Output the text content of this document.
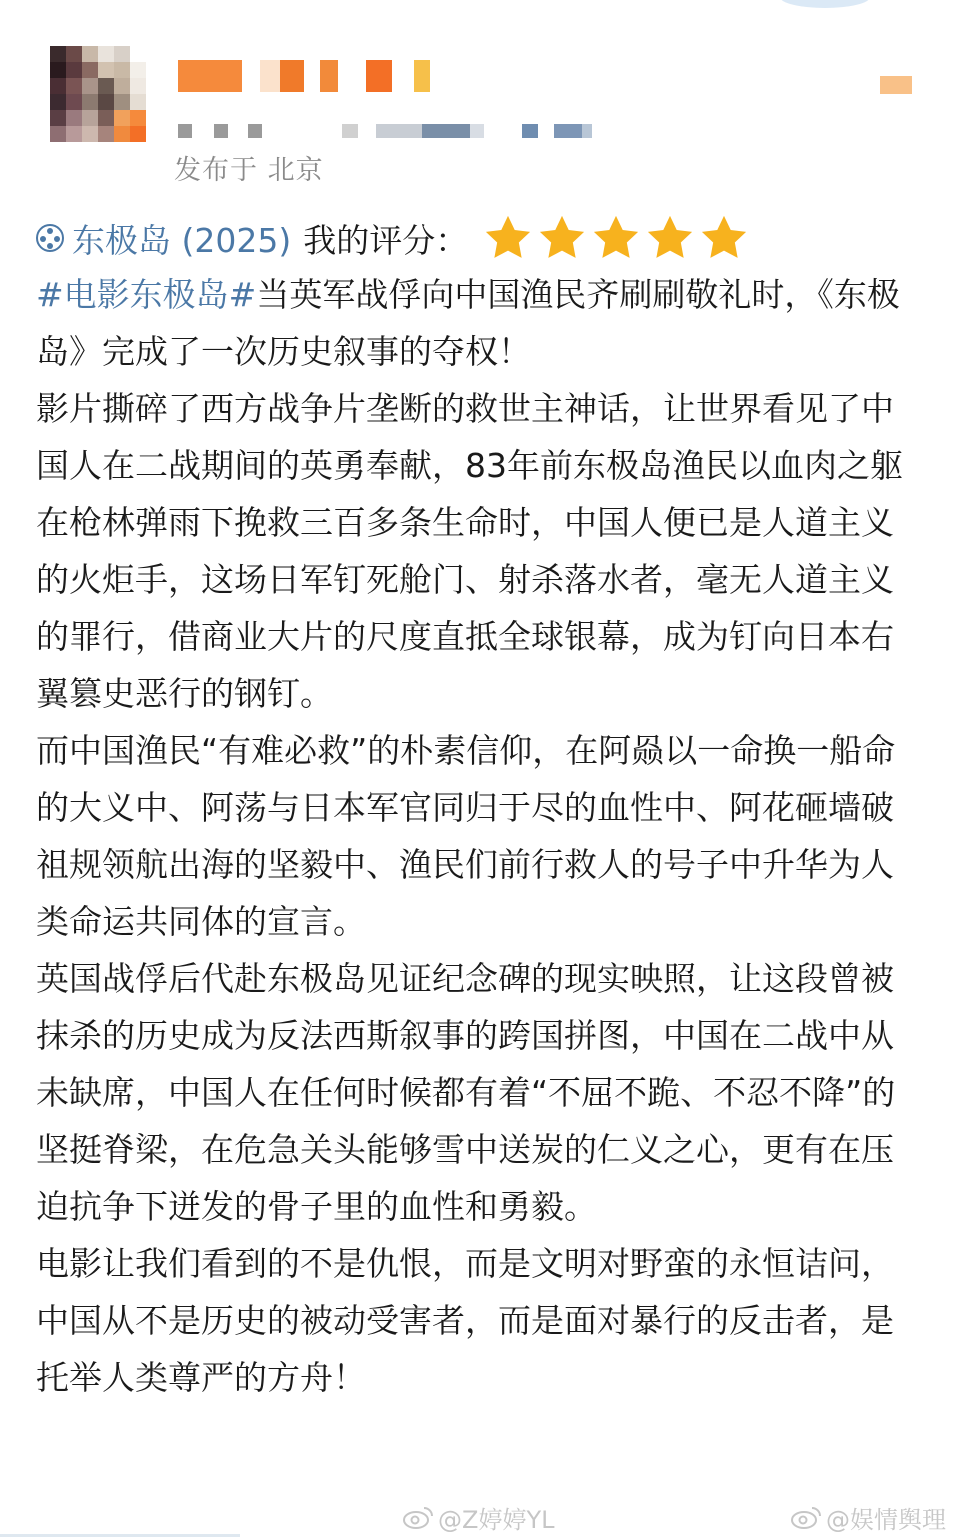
发布于 北京
东极岛 (2025) 我的评分：

#电影东极岛#当英军战俘向中国渔民齐刷刷敬礼时，《东极岛》完成了一次历史叙事的夺权！

影片撕碎了西方战争片垄断的救世主神话，让世界看见了中国人在二战期间的英勇奉献，83年前东极岛渔民以血肉之躯在枪林弹雨下挽救三百多条生命时，中国人便已是人道主义的火炬手，这场日军钉死舱门、射杀落水者，毫无人道主义的罪行，借商业大片的尺度直抵全球银幕，成为钉向日本右翼篡史恶行的钢钉。

而中国渔民“有难必救”的朴素信仰，在阿赑以一命换一船命的大义中、阿荡与日本军官同归于尽的血性中、阿花砸墙破祖规领航出海的坚毅中、渔民们前行救人的号子中升华为人类命运共同体的宣言。

英国战俘后代赴东极岛见证纪念碑的现实映照，让这段曾被抹杀的历史成为反法西斯叙事的跨国拼图，中国在二战中从未缺席，中国人在任何时候都有着“不屈不跪、不忍不降”的坚挺脊梁，在危急关头能够雪中送炭的仁义之心，更有在压迫抗争下迸发的骨子里的血性和勇毅。

电影让我们看到的不是仇恨，而是文明对野蛮的永恒诘问，中国从不是历史的被动受害者，而是面对暴行的反击者，是托举人类尊严的方舟！

@Z婷婷YL	@娱情舆理
